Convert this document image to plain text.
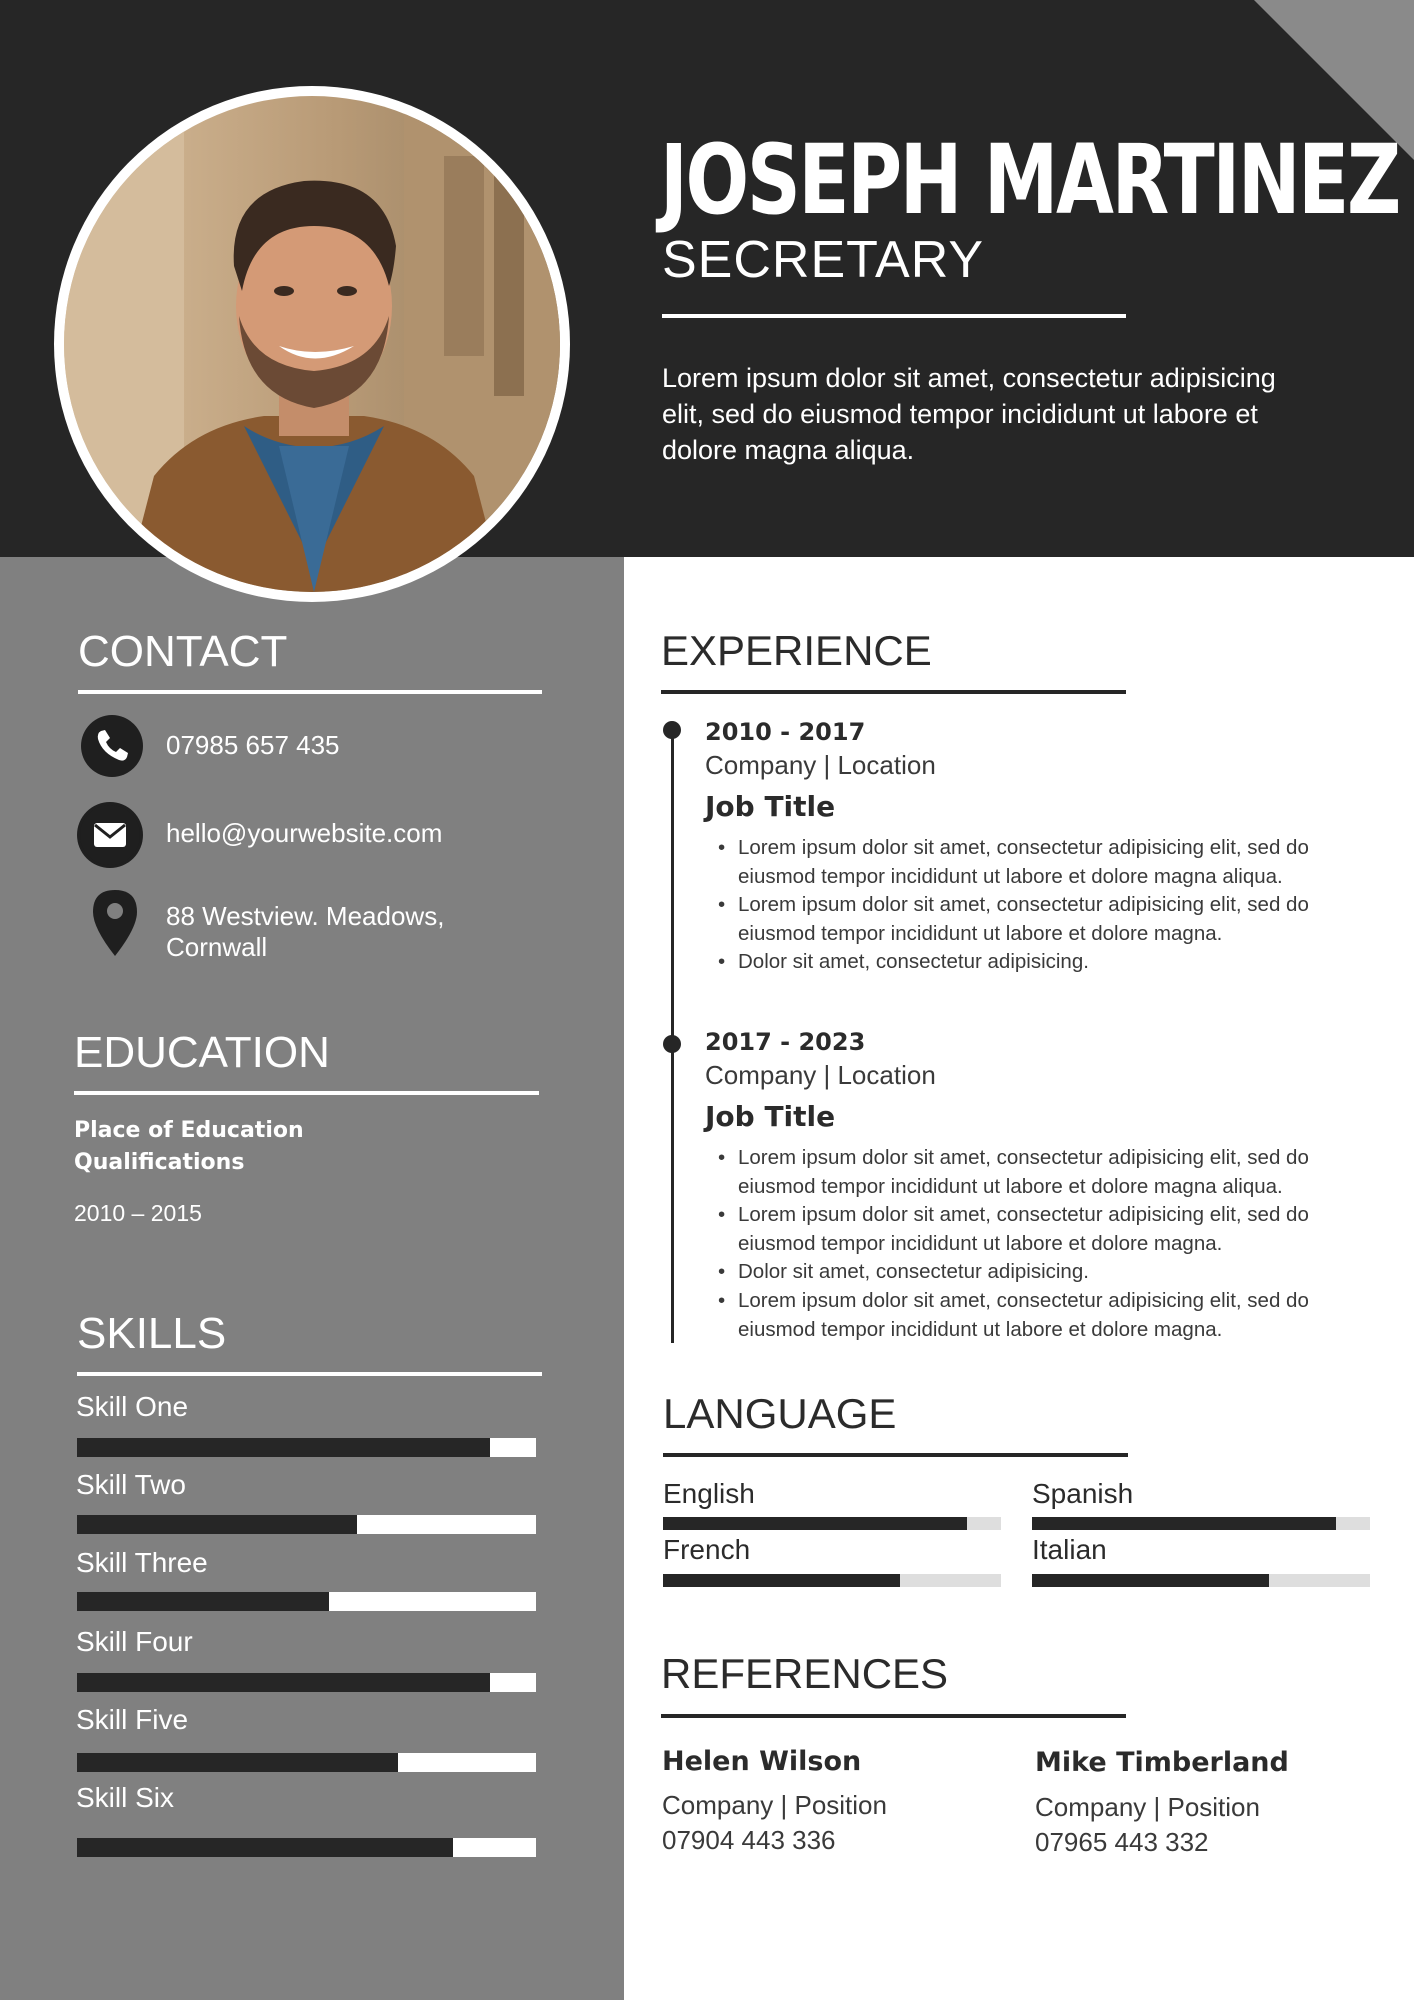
JOSEPH MARTINEZ
SECRETARY
Lorem ipsum dolor sit amet, consectetur adipisicing elit, sed do eiusmod tempor incididunt ut labore et dolore magna aliqua.
CONTACT
07985 657 435
hello@yourwebsite.com
88 Westview. Meadows,
Cornwall
EDUCATION
Place of Education
Qualifications
2010 – 2015
SKILLS
Skill One
Skill Two
Skill Three
Skill Four
Skill Five
Skill Six
EXPERIENCE
2010 - 2017
Company | Location
Job Title
• Lorem ipsum dolor sit amet, consectetur adipisicing elit, sed do eiusmod tempor incididunt ut labore et dolore magna aliqua.
• Lorem ipsum dolor sit amet, consectetur adipisicing elit, sed do eiusmod tempor incididunt ut labore et dolore magna.
• Dolor sit amet, consectetur adipisicing.
2017 - 2023
Company | Location
Job Title
• Lorem ipsum dolor sit amet, consectetur adipisicing elit, sed do eiusmod tempor incididunt ut labore et dolore magna aliqua.
• Lorem ipsum dolor sit amet, consectetur adipisicing elit, sed do eiusmod tempor incididunt ut labore et dolore magna.
• Dolor sit amet, consectetur adipisicing.
• Lorem ipsum dolor sit amet, consectetur adipisicing elit, sed do eiusmod tempor incididunt ut labore et dolore magna.
LANGUAGE
English	Spanish
French	Italian
REFERENCES
Helen Wilson
Company | Position
07904 443 336
Mike Timberland
Company | Position
07965 443 332
